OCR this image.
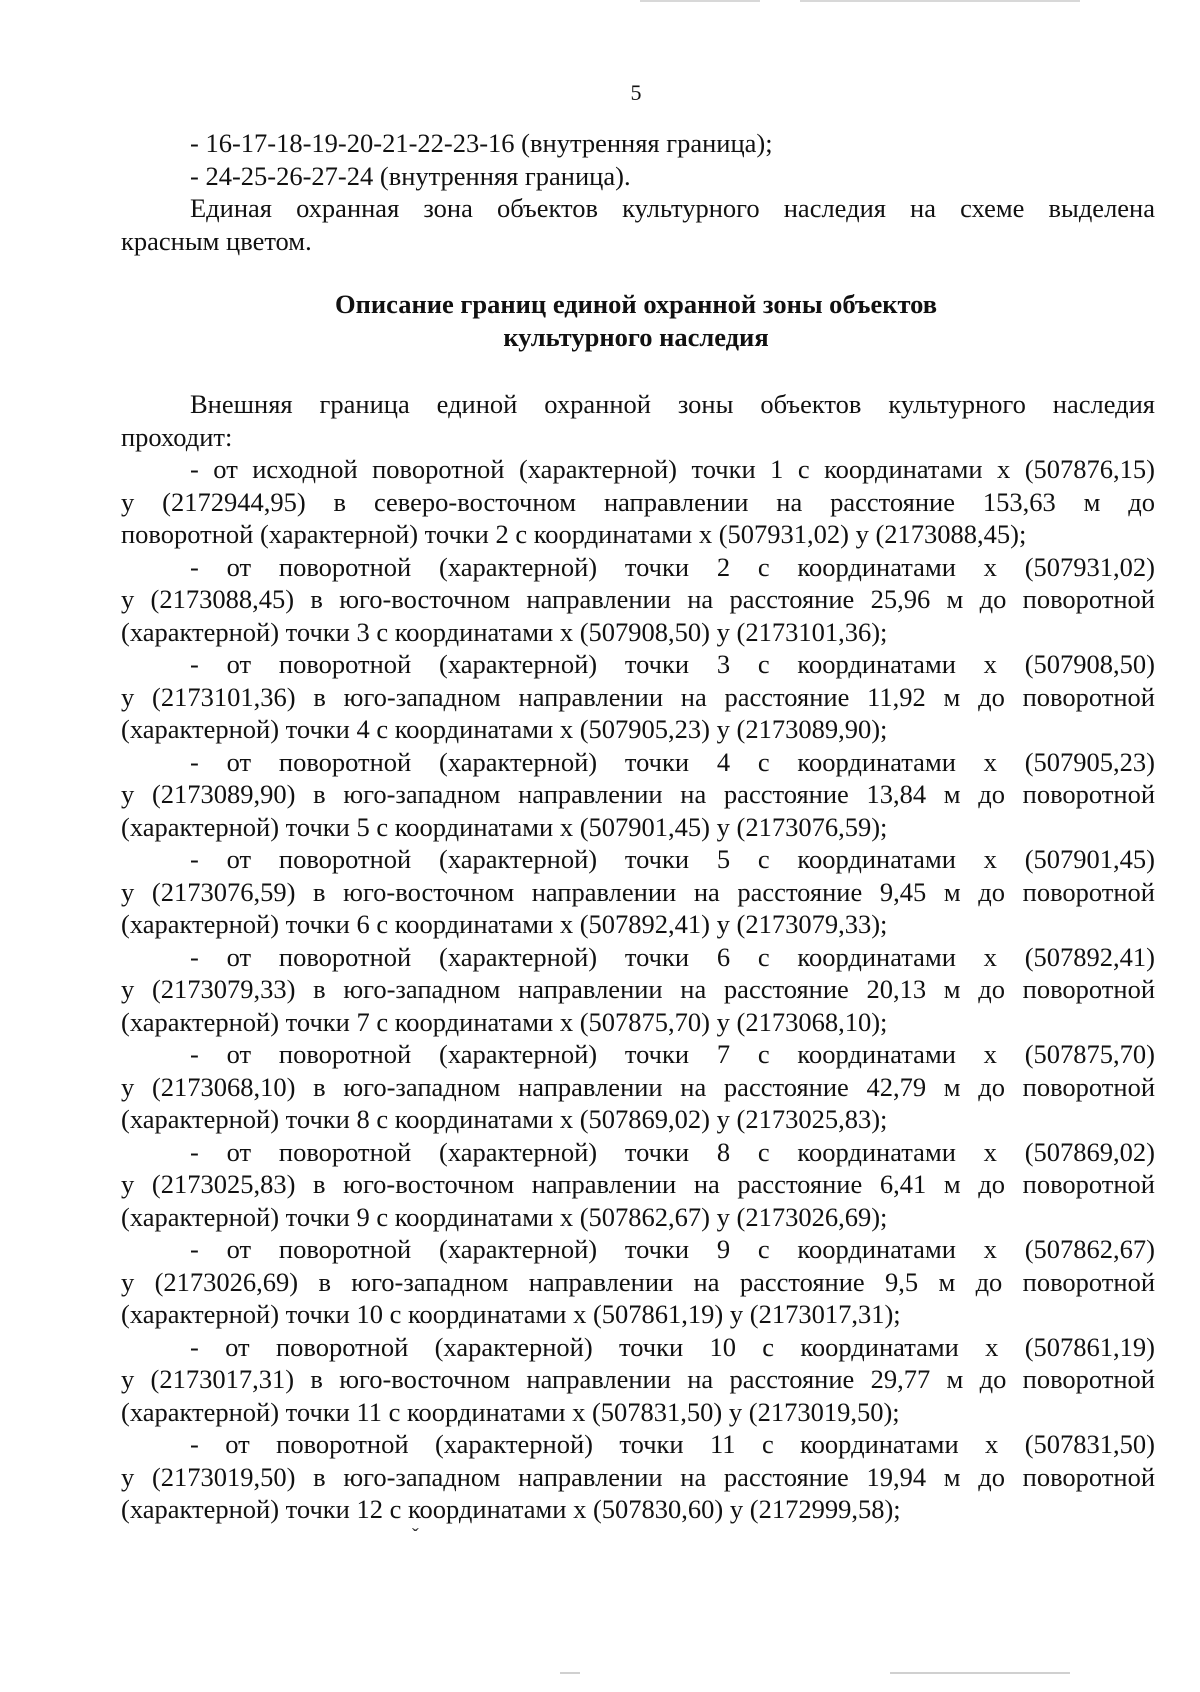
5
- 16-17-18-19-20-21-22-23-16 (внутренняя граница);
- 24-25-26-27-24 (внутренняя граница).
Единая охранная зона объектов культурного наследия на схеме выделена
красным цветом.
Описание границ единой охранной зоны объектов
культурного наследия
Внешняя граница единой охранной зоны объектов культурного наследия
проходит:
- от исходной поворотной (характерной) точки 1 с координатами х (507876,15)
у (2172944,95) в северо-восточном направлении на расстояние 153,63 м до
поворотной (характерной) точки 2 с координатами х (507931,02) у (2173088,45);
- от поворотной (характерной) точки 2 с координатами х (507931,02)
у (2173088,45) в юго-восточном направлении на расстояние 25,96 м до поворотной
(характерной) точки 3 с координатами х (507908,50) у (2173101,36);
- от поворотной (характерной) точки 3 с координатами х (507908,50)
у (2173101,36) в юго-западном направлении на расстояние 11,92 м до поворотной
(характерной) точки 4 с координатами х (507905,23) у (2173089,90);
- от поворотной (характерной) точки 4 с координатами х (507905,23)
у (2173089,90) в юго-западном направлении на расстояние 13,84 м до поворотной
(характерной) точки 5 с координатами х (507901,45) у (2173076,59);
- от поворотной (характерной) точки 5 с координатами х (507901,45)
у (2173076,59) в юго-восточном направлении на расстояние 9,45 м до поворотной
(характерной) точки 6 с координатами х (507892,41) у (2173079,33);
- от поворотной (характерной) точки 6 с координатами х (507892,41)
у (2173079,33) в юго-западном направлении на расстояние 20,13 м до поворотной
(характерной) точки 7 с координатами х (507875,70) у (2173068,10);
- от поворотной (характерной) точки 7 с координатами х (507875,70)
у (2173068,10) в юго-западном направлении на расстояние 42,79 м до поворотной
(характерной) точки 8 с координатами х (507869,02) у (2173025,83);
- от поворотной (характерной) точки 8 с координатами х (507869,02)
у (2173025,83) в юго-восточном направлении на расстояние 6,41 м до поворотной
(характерной) точки 9 с координатами х (507862,67) у (2173026,69);
- от поворотной (характерной) точки 9 с координатами х (507862,67)
у (2173026,69) в юго-западном направлении на расстояние 9,5 м до поворотной
(характерной) точки 10 с координатами х (507861,19) у (2173017,31);
- от поворотной (характерной) точки 10 с координатами х (507861,19)
у (2173017,31) в юго-восточном направлении на расстояние 29,77 м до поворотной
(характерной) точки 11 с координатами х (507831,50) у (2173019,50);
- от поворотной (характерной) точки 11 с координатами х (507831,50)
у (2173019,50) в юго-западном направлении на расстояние 19,94 м до поворотной
(характерной) точки 12 с координатами х (507830,60) у (2172999,58);
ˇ
